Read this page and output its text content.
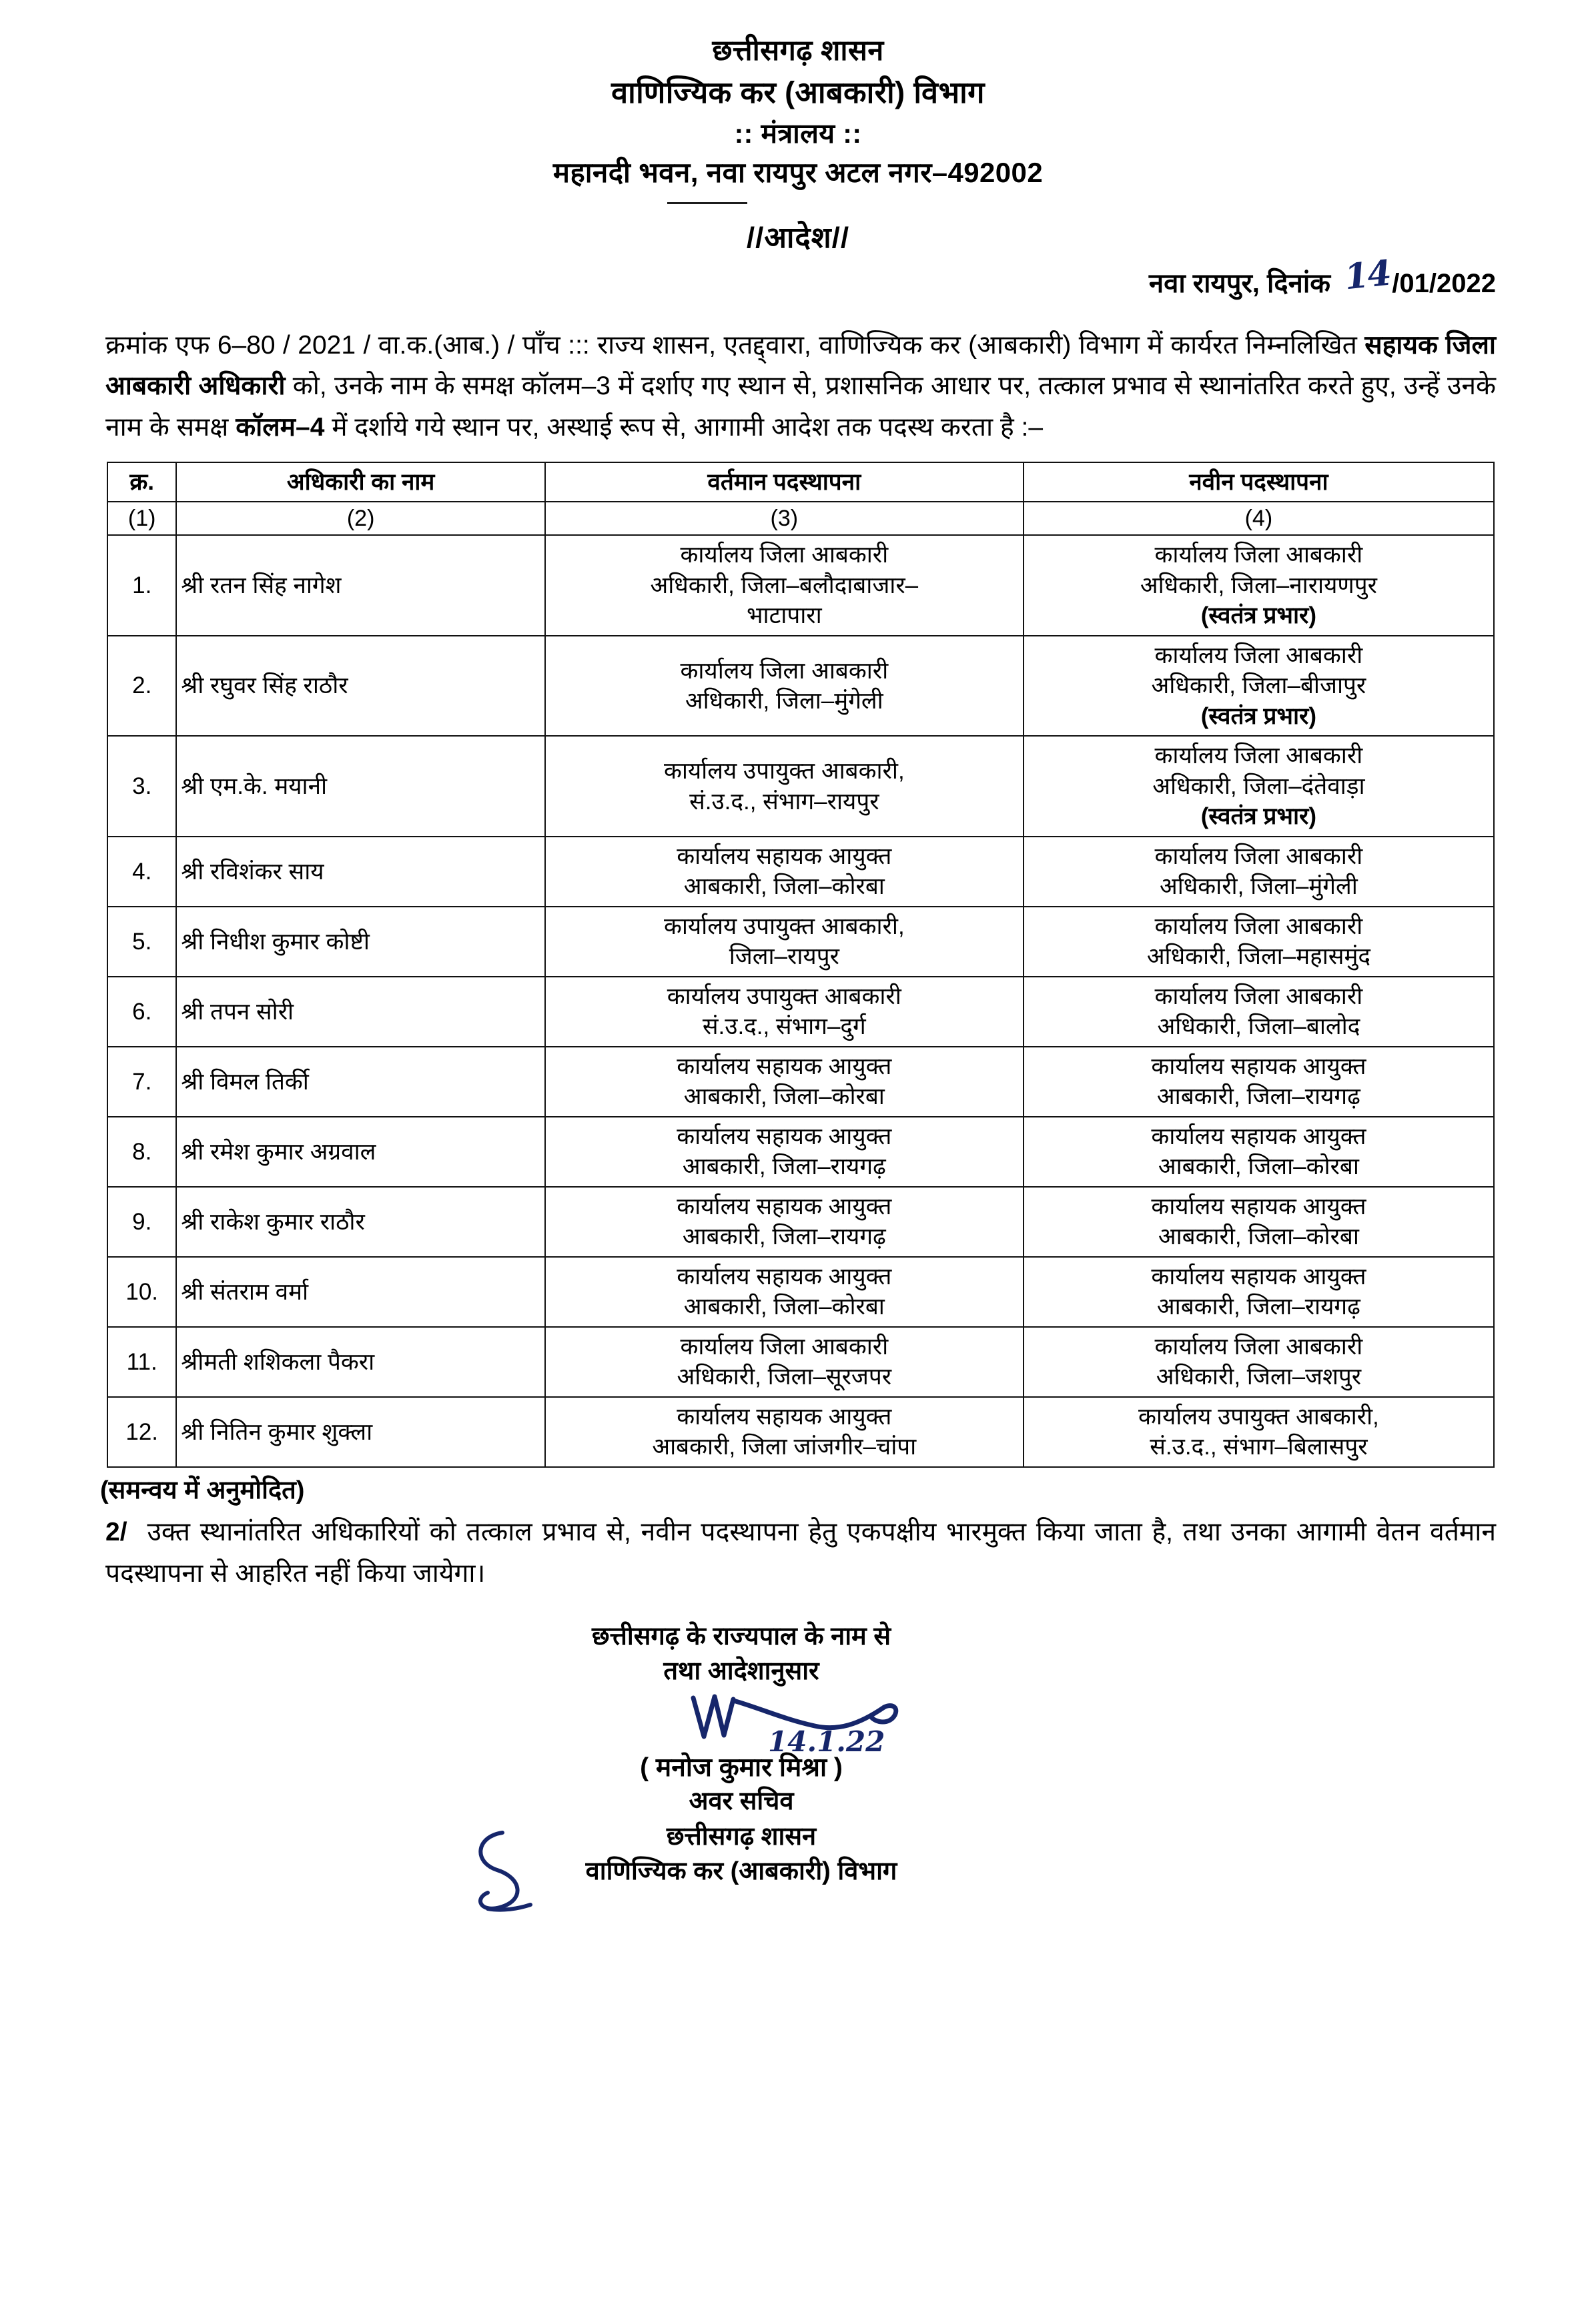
छत्तीसगढ़ शासन
वाणिज्यिक कर (आबकारी) विभाग
:: मंत्रालय ::
महानदी भवन, नवा रायपुर अटल नगर–492002
//आदेश//
नवा रायपुर, दिनांक 14/01/2022
क्रमांक एफ 6–80 / 2021 / वा.क.(आब.) / पाँच ::: राज्य शासन, एतद्द्वारा, वाणिज्यिक कर (आबकारी) विभाग में कार्यरत निम्नलिखित सहायक जिला आबकारी अधिकारी को, उनके नाम के समक्ष कॉलम–3 में दर्शाए गए स्थान से, प्रशासनिक आधार पर, तत्काल प्रभाव से स्थानांतरित करते हुए, उन्हें उनके नाम के समक्ष कॉलम–4 में दर्शाये गये स्थान पर, अस्थाई रूप से, आगामी आदेश तक पदस्थ करता है :–
क्र.	अधिकारी का नाम	वर्तमान पदस्थापना	नवीन पदस्थापना
(1)	(2)	(3)	(4)
1.	श्री रतन सिंह नागेश	कार्यालय जिला आबकारी
अधिकारी, जिला–बलौदाबाजार–
भाटापारा	कार्यालय जिला आबकारी
अधिकारी, जिला–नारायणपुर
(स्वतंत्र प्रभार)

2.	श्री रघुवर सिंह राठौर	कार्यालय जिला आबकारी
अधिकारी, जिला–मुंगेली	कार्यालय जिला आबकारी
अधिकारी, जिला–बीजापुर
(स्वतंत्र प्रभार)

3.	श्री एम.के. मयानी	कार्यालय उपायुक्त आबकारी,
सं.उ.द., संभाग–रायपुर	कार्यालय जिला आबकारी
अधिकारी, जिला–दंतेवाड़ा
(स्वतंत्र प्रभार)

4.	श्री रविशंकर साय	कार्यालय सहायक आयुक्त
आबकारी, जिला–कोरबा	कार्यालय जिला आबकारी
अधिकारी, जिला–मुंगेली

5.	श्री निधीश कुमार कोष्टी	कार्यालय उपायुक्त आबकारी,
जिला–रायपुर	कार्यालय जिला आबकारी
अधिकारी, जिला–महासमुंद

6.	श्री तपन सोरी	कार्यालय उपायुक्त आबकारी
सं.उ.द., संभाग–दुर्ग	कार्यालय जिला आबकारी
अधिकारी, जिला–बालोद

7.	श्री विमल तिर्की	कार्यालय सहायक आयुक्त
आबकारी, जिला–कोरबा	कार्यालय सहायक आयुक्त
आबकारी, जिला–रायगढ़

8.	श्री रमेश कुमार अग्रवाल	कार्यालय सहायक आयुक्त
आबकारी, जिला–रायगढ़	कार्यालय सहायक आयुक्त
आबकारी, जिला–कोरबा

9.	श्री राकेश कुमार राठौर	कार्यालय सहायक आयुक्त
आबकारी, जिला–रायगढ़	कार्यालय सहायक आयुक्त
आबकारी, जिला–कोरबा

10.	श्री संतराम वर्मा	कार्यालय सहायक आयुक्त
आबकारी, जिला–कोरबा	कार्यालय सहायक आयुक्त
आबकारी, जिला–रायगढ़

11.	श्रीमती शशिकला पैकरा	कार्यालय जिला आबकारी
अधिकारी, जिला–सूरजपर	कार्यालय जिला आबकारी
अधिकारी, जिला–जशपुर

12.	श्री नितिन कुमार शुक्ला	कार्यालय सहायक आयुक्त
आबकारी, जिला जांजगीर–चांपा	कार्यालय उपायुक्त आबकारी,
सं.उ.द., संभाग–बिलासपुर
(समन्वय में अनुमोदित)
2/ उक्त स्थानांतरित अधिकारियों को तत्काल प्रभाव से, नवीन पदस्थापना हेतु एकपक्षीय भारमुक्त किया जाता है, तथा उनका आगामी वेतन वर्तमान पदस्थापना से आहरित नहीं किया जायेगा।
छत्तीसगढ़ के राज्यपाल के नाम से
तथा आदेशानुसार
14.1.22
( मनोज कुमार मिश्रा )
अवर सचिव
छत्तीसगढ़ शासन
वाणिज्यिक कर (आबकारी) विभाग
